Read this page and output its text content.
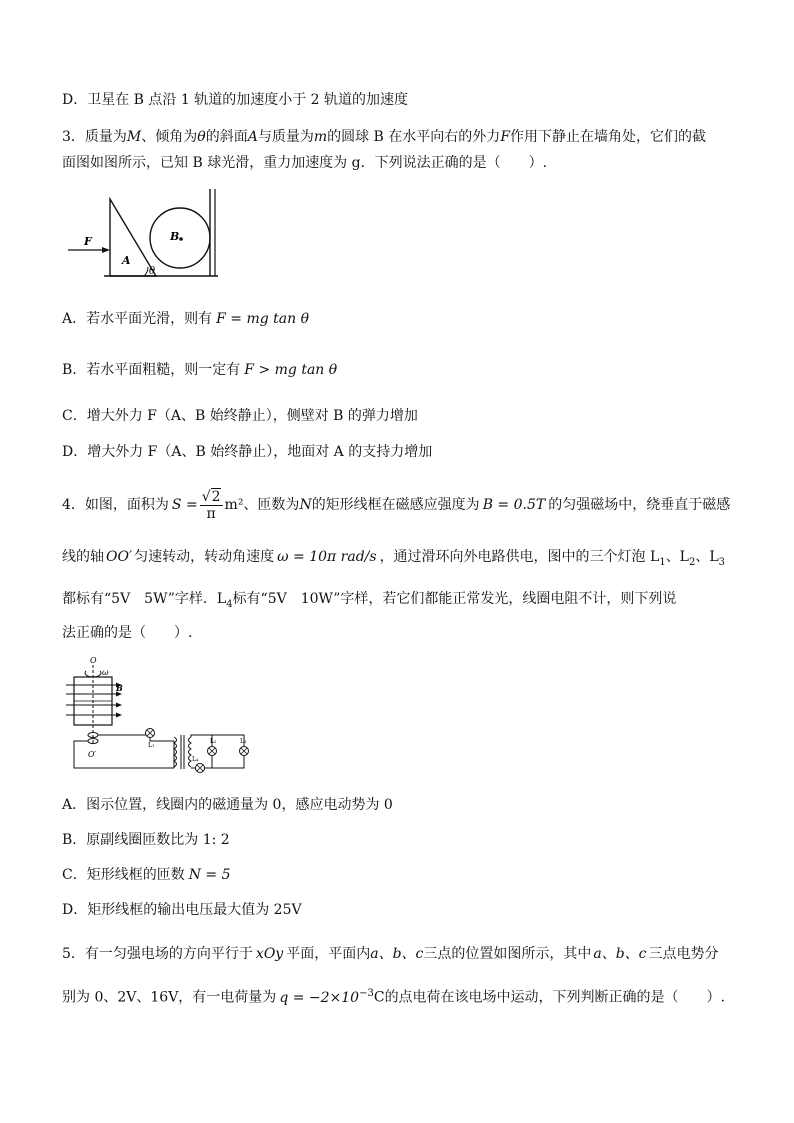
D．卫星在 B 点沿 1 轨道的加速度小于 2 轨道的加速度
3．质量为M、倾角为θ的斜面A与质量为m的圆球 B 在水平向右的外力F作用下静止在墙角处，它们的截
面图如图所示，已知 B 球光滑，重力加速度为 g．下列说法正确的是（　　）.
F
A
B
θ
A．若水平面光滑，则有 F = mg tan θ
B．若水平面粗糙，则一定有 F > mg tan θ
C．增大外力 F（A、B 始终静止），侧壁对 B 的弹力增加
D．增大外力 F（A、B 始终静止），地面对 A 的支持力增加
4．如图，面积为 $S = \frac{√2}{\pi} m^2$、匝数为N的矩形线框在磁感应强度为 B = 0.5T 的匀强磁场中，绕垂直于磁感
线的轴 OO′ 匀速转动，转动角速度 ω = 10π rad/s ，通过滑环向外电路供电，图中的三个灯泡 $L_1$、$L_2$、$L_3$
都标有“5V　5W”字样．$L_4$标有“5V　10W”字样，若它们都能正常发光，线圈电阻不计，则下列说
法正确的是（　　）.
O
ω
B
O′
L₁
L₂	L₃
L₄
A．图示位置，线圈内的磁通量为 0，感应电动势为 0
B．原副线圈匝数比为 1: 2
C．矩形线框的匝数 N = 5
D．矩形线框的输出电压最大值为 25V
5．有一匀强电场的方向平行于 xOy 平面，平面内a、b、c三点的位置如图所示，其中 a、b、c 三点电势分
别为 0、2V、16V，有一电荷量为 $q = -2\times 10^{-3}C$的点电荷在该电场中运动，下列判断正确的是（　　）.
